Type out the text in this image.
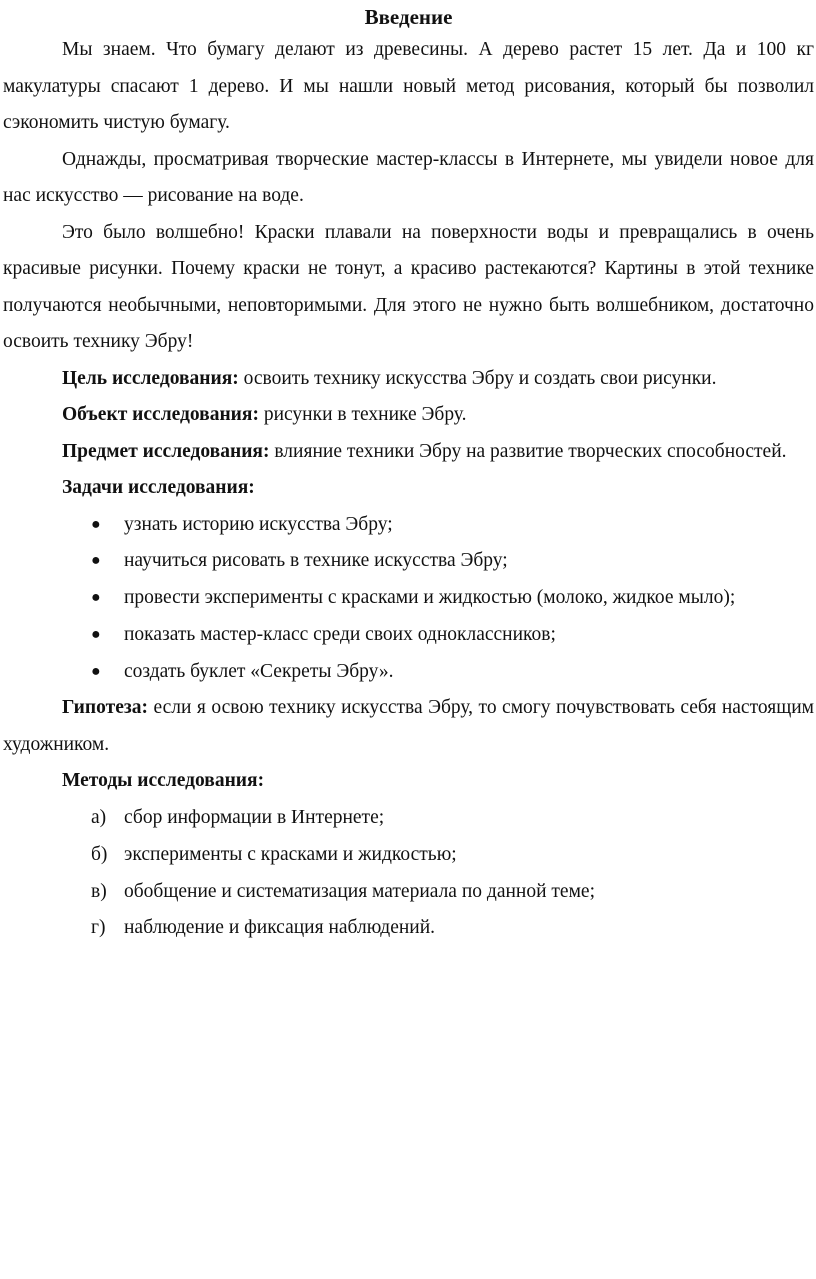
Введение

Мы знаем. Что бумагу делают из древесины. А дерево растет 15 лет. Да и 100 кг макулатуры спасают 1 дерево. И мы нашли новый метод рисования, который бы позволил сэкономить чистую бумагу.

Однажды, просматривая творческие мастер-классы в Интернете, мы увидели новое для нас искусство — рисование на воде.

Это было волшебно! Краски плавали на поверхности воды и превращались в очень красивые рисунки. Почему краски не тонут, а красиво растекаются? Картины в этой технике получаются необычными, неповторимыми. Для этого не нужно быть волшебником, достаточно освоить технику Эбру!

Цель исследования: освоить технику искусства Эбру и создать свои рисунки.

Объект исследования: рисунки в технике Эбру.

Предмет исследования: влияние техники Эбру на развитие творческих способностей.

Задачи исследования:

● узнать историю искусства Эбру;
● научиться рисовать в технике искусства Эбру;
● провести эксперименты с красками и жидкостью (молоко, жидкое мыло);
● показать мастер-класс среди своих одноклассников;
● создать буклет «Секреты Эбру».

Гипотеза: если я освою технику искусства Эбру, то смогу почувствовать себя настоящим художником.

Методы исследования:

а) сбор информации в Интернете;
б) эксперименты с красками и жидкостью;
в) обобщение и систематизация материала по данной теме;
г) наблюдение и фиксация наблюдений.
